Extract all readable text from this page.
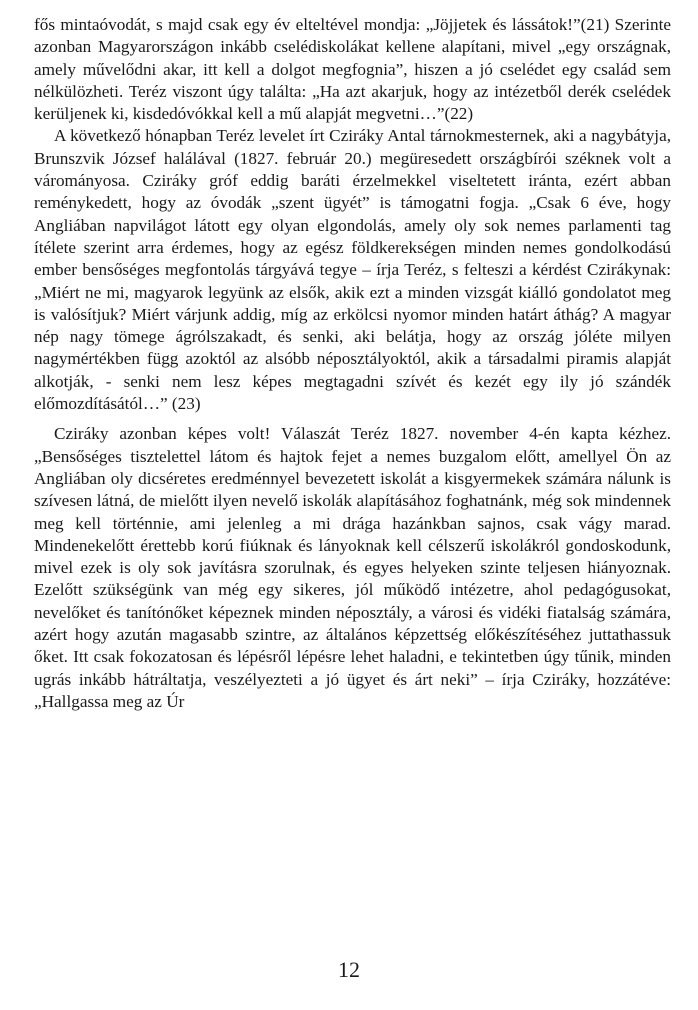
fős mintaóvodát, s majd csak egy év elteltével mondja: „Jöjjetek és lássátok!”(21) Szerinte azonban Magyarországon inkább cselédiskolákat kellene alapítani, mivel „egy országnak, amely művelődni akar, itt kell a dolgot megfognia”, hiszen a jó cselédet egy család sem nélkülözheti. Teréz viszont úgy találta: „Ha azt akarjuk, hogy az intézetből derék cselédek kerüljenek ki, kisdedóvókkal kell a mű alapját megvetni…”(22)

A következő hónapban Teréz levelet írt Cziráky Antal tárnokmesternek, aki a nagybátyja, Brunszvik József halálával (1827. február 20.) megüresedett országbírói széknek volt a várományosa. Cziráky gróf eddig baráti érzelmekkel viseltetett iránta, ezért abban reménykedett, hogy az óvodák „szent ügyét” is támogatni fogja. „Csak 6 éve, hogy Angliában napvilágot látott egy olyan elgondolás, amely oly sok nemes parlamenti tag ítélete szerint arra érdemes, hogy az egész földkerekségen minden nemes gondolkodású ember bensőséges megfontolás tárgyává tegye – írja Teréz, s felteszi a kérdést Czirákynak: „Miért ne mi, magyarok legyünk az elsők, akik ezt a minden vizsgát kiálló gondolatot meg is valósítjuk? Miért várjunk addig, míg az erkölcsi nyomor minden határt áthág? A magyar nép nagy tömege ágrólszakadt, és senki, aki belátja, hogy az ország jóléte milyen nagymértékben függ azoktól az alsóbb néposztályoktól, akik a társadalmi piramis alapját alkotják, - senki nem lesz képes megtagadni szívét és kezét egy ily jó szándék előmozdításától…” (23)

Cziráky azonban képes volt! Válaszát Teréz 1827. november 4-én kapta kézhez. „Bensőséges tisztelettel látom és hajtok fejet a nemes buzgalom előtt, amellyel Ön az Angliában oly dicséretes eredménnyel bevezetett iskolát a kisgyermekek számára nálunk is szívesen látná, de mielőtt ilyen nevelő iskolák alapításához foghatnánk, még sok mindennek meg kell történnie, ami jelenleg a mi drága hazánkban sajnos, csak vágy marad. Mindenekelőtt érettebb korú fiúknak és lányoknak kell célszerű iskolákról gondoskodunk, mivel ezek is oly sok javításra szorulnak, és egyes helyeken szinte teljesen hiányoznak. Ezelőtt szükségünk van még egy sikeres, jól működő intézetre, ahol pedagógusokat, nevelőket és tanítónőket képeznek minden néposztály, a városi és vidéki fiatalság számára, azért hogy azután magasabb szintre, az általános képzettség előkészítéséhez juttathassuk őket. Itt csak fokozatosan és lépésről lépésre lehet haladni, e tekintetben úgy tűnik, minden ugrás inkább hátráltatja, veszélyezteti a jó ügyet és árt neki” – írja Cziráky, hozzátéve: „Hallgassa meg az Úr

12
